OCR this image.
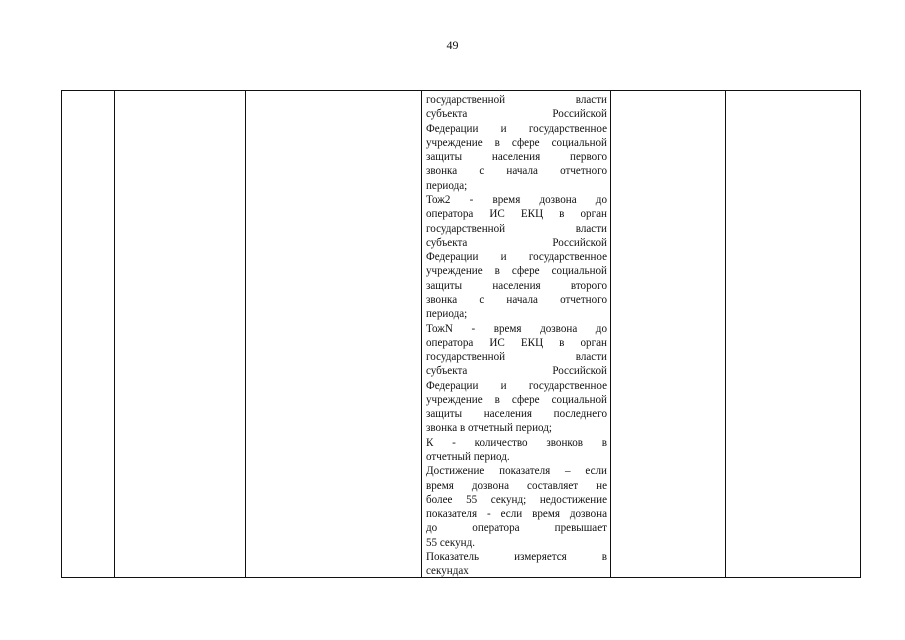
49
государственной власти
субъекта Российской
Федерации и государственное
учреждение в сфере социальной
защиты населения первого
звонка с начала отчетного
периода;
Тож2 - время дозвона до
оператора ИС ЕКЦ в орган
государственной власти
субъекта Российской
Федерации и государственное
учреждение в сфере социальной
защиты населения второго
звонка с начала отчетного
периода;
ТожN - время дозвона до
оператора ИС ЕКЦ в орган
государственной власти
субъекта Российской
Федерации и государственное
учреждение в сфере социальной
защиты населения последнего
звонка в отчетный период;
К - количество звонков в
отчетный период.
Достижение показателя – если
время дозвона составляет не
более 55 секунд; недостижение
показателя - если время дозвона
до оператора превышает
55 секунд.
Показатель измеряется в
секундах
